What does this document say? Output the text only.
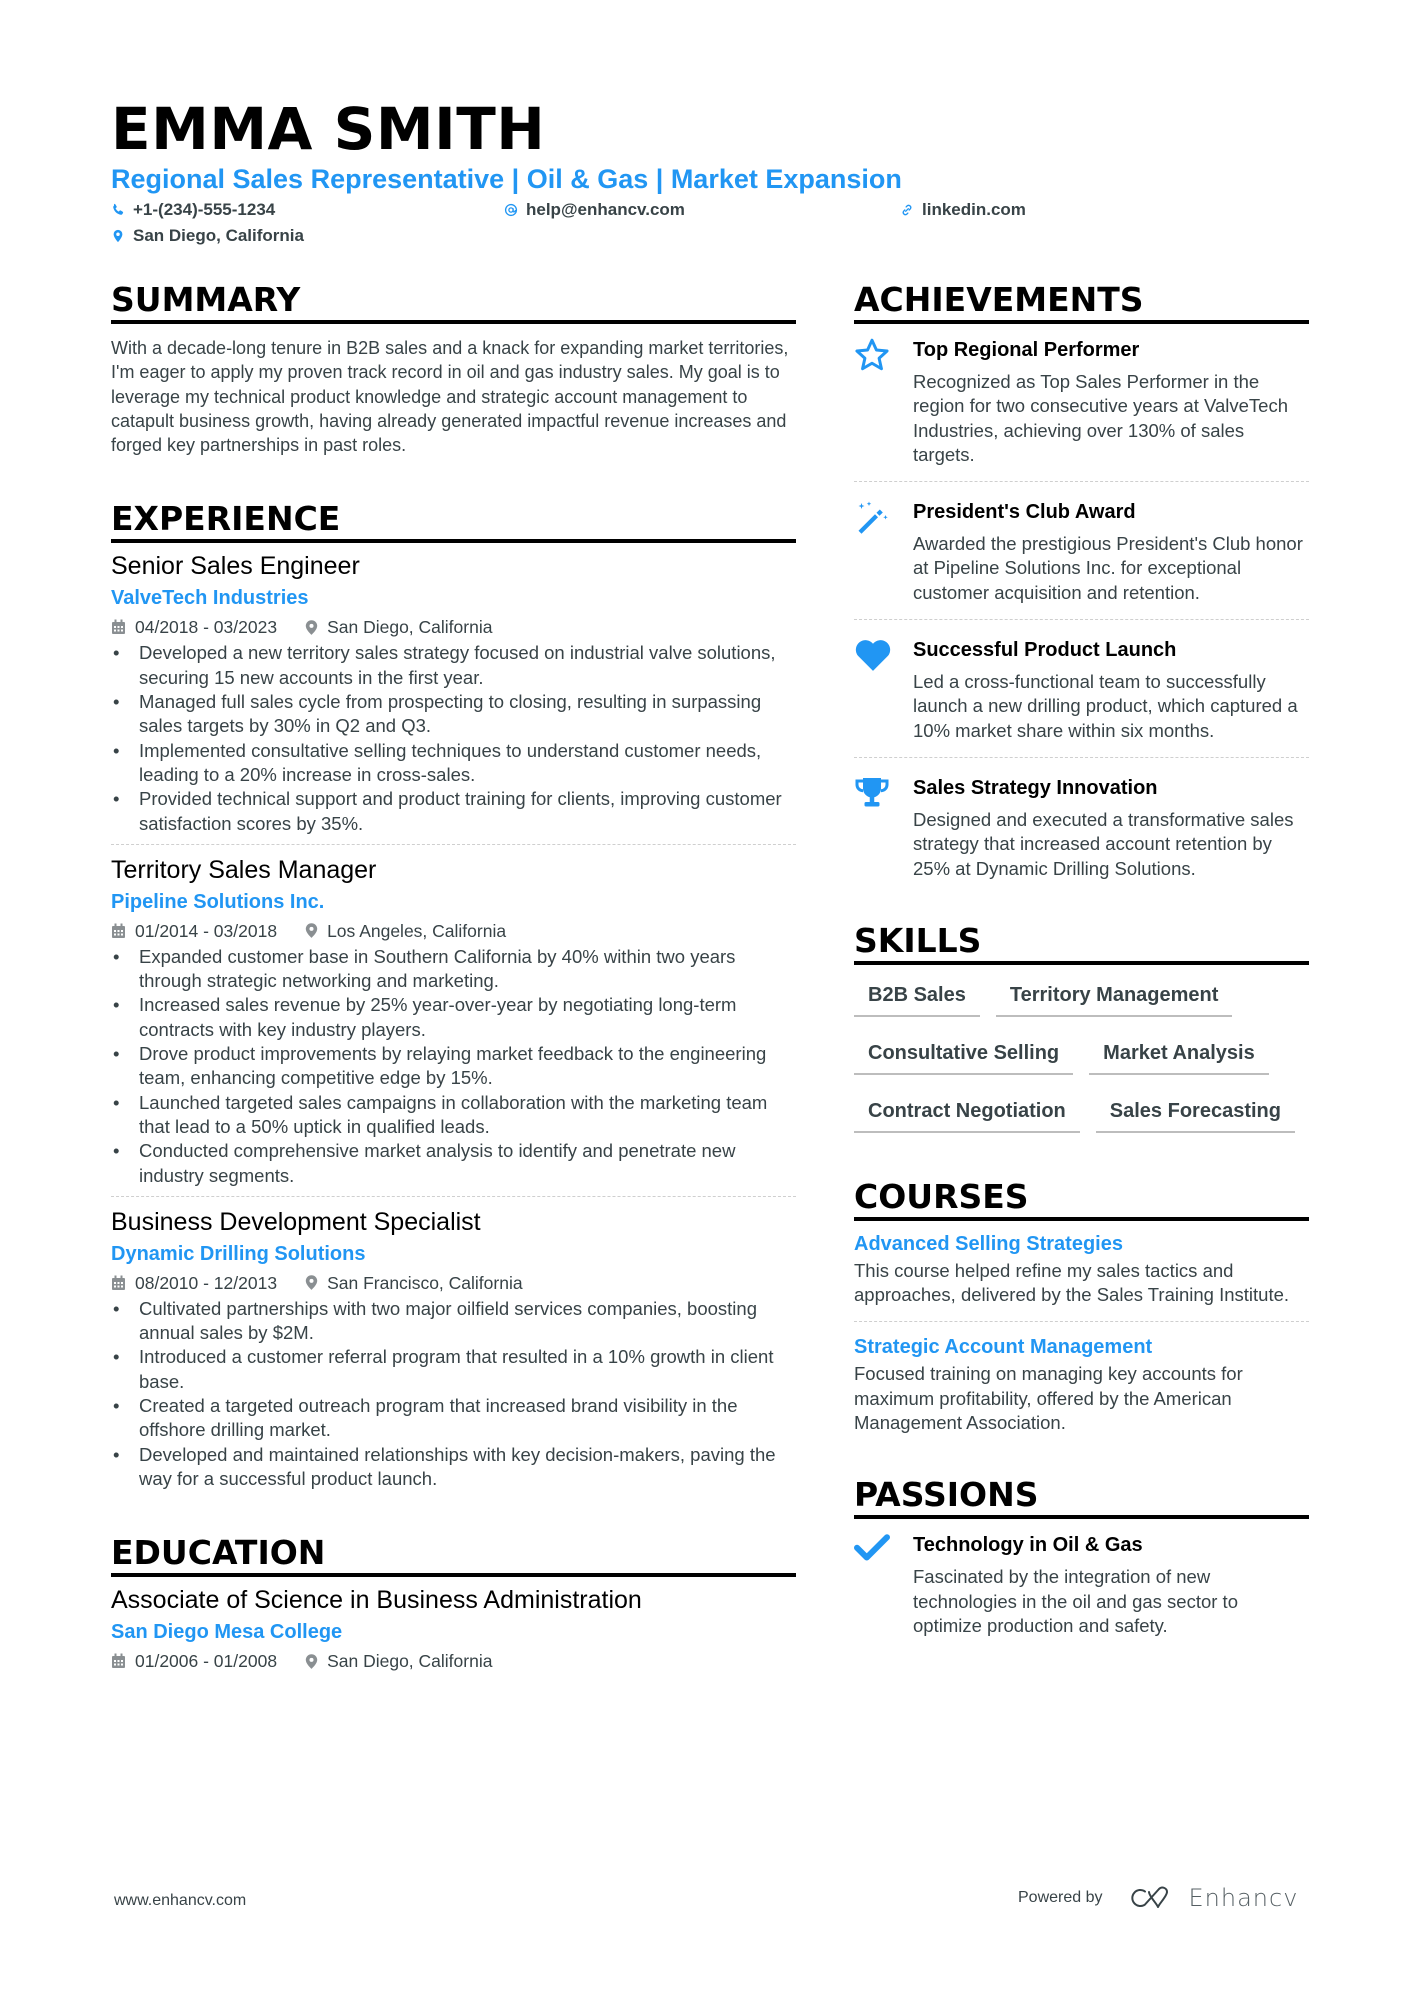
EMMA SMITH
Regional Sales Representative | Oil & Gas | Market Expansion
+1-(234)-555-1234	help@enhancv.com	linkedin.com
San Diego, California
SUMMARY

With a decade-long tenure in B2B sales and a knack for expanding market territories, I'm eager to apply my proven track record in oil and gas industry sales. My goal is to leverage my technical product knowledge and strategic account management to catapult business growth, having already generated impactful revenue increases and forged key partnerships in past roles.

EXPERIENCE
Senior Sales Engineer
ValveTech Industries
04/2018 - 03/2023	San Diego, California
• Developed a new territory sales strategy focused on industrial valve solutions, securing 15 new accounts in the first year.
• Managed full sales cycle from prospecting to closing, resulting in surpassing sales targets by 30% in Q2 and Q3.
• Implemented consultative selling techniques to understand customer needs, leading to a 20% increase in cross-sales.
• Provided technical support and product training for clients, improving customer satisfaction scores by 35%.
Territory Sales Manager
Pipeline Solutions Inc.
01/2014 - 03/2018	Los Angeles, California
• Expanded customer base in Southern California by 40% within two years through strategic networking and marketing.
• Increased sales revenue by 25% year-over-year by negotiating long-term contracts with key industry players.
• Drove product improvements by relaying market feedback to the engineering team, enhancing competitive edge by 15%.
• Launched targeted sales campaigns in collaboration with the marketing team that lead to a 50% uptick in qualified leads.
• Conducted comprehensive market analysis to identify and penetrate new industry segments.
Business Development Specialist
Dynamic Drilling Solutions
08/2010 - 12/2013	San Francisco, California
• Cultivated partnerships with two major oilfield services companies, boosting annual sales by $2M.
• Introduced a customer referral program that resulted in a 10% growth in client base.
• Created a targeted outreach program that increased brand visibility in the offshore drilling market.
• Developed and maintained relationships with key decision-makers, paving the way for a successful product launch.
EDUCATION
Associate of Science in Business Administration
San Diego Mesa College
01/2006 - 01/2008	San Diego, California
ACHIEVEMENTS
Top Regional Performer
Recognized as Top Sales Performer in the region for two consecutive years at ValveTech Industries, achieving over 130% of sales targets.
President's Club Award
Awarded the prestigious President's Club honor at Pipeline Solutions Inc. for exceptional customer acquisition and retention.
Successful Product Launch
Led a cross-functional team to successfully launch a new drilling product, which captured a 10% market share within six months.
Sales Strategy Innovation
Designed and executed a transformative sales strategy that increased account retention by 25% at Dynamic Drilling Solutions.
SKILLS
B2B Sales	Territory Management
Consultative Selling	Market Analysis
Contract Negotiation	Sales Forecasting
COURSES
Advanced Selling Strategies
This course helped refine my sales tactics and approaches, delivered by the Sales Training Institute.
Strategic Account Management
Focused training on managing key accounts for maximum profitability, offered by the American Management Association.
PASSIONS
Technology in Oil & Gas
Fascinated by the integration of new technologies in the oil and gas sector to optimize production and safety.
www.enhancv.com	Powered by	Enhancv
